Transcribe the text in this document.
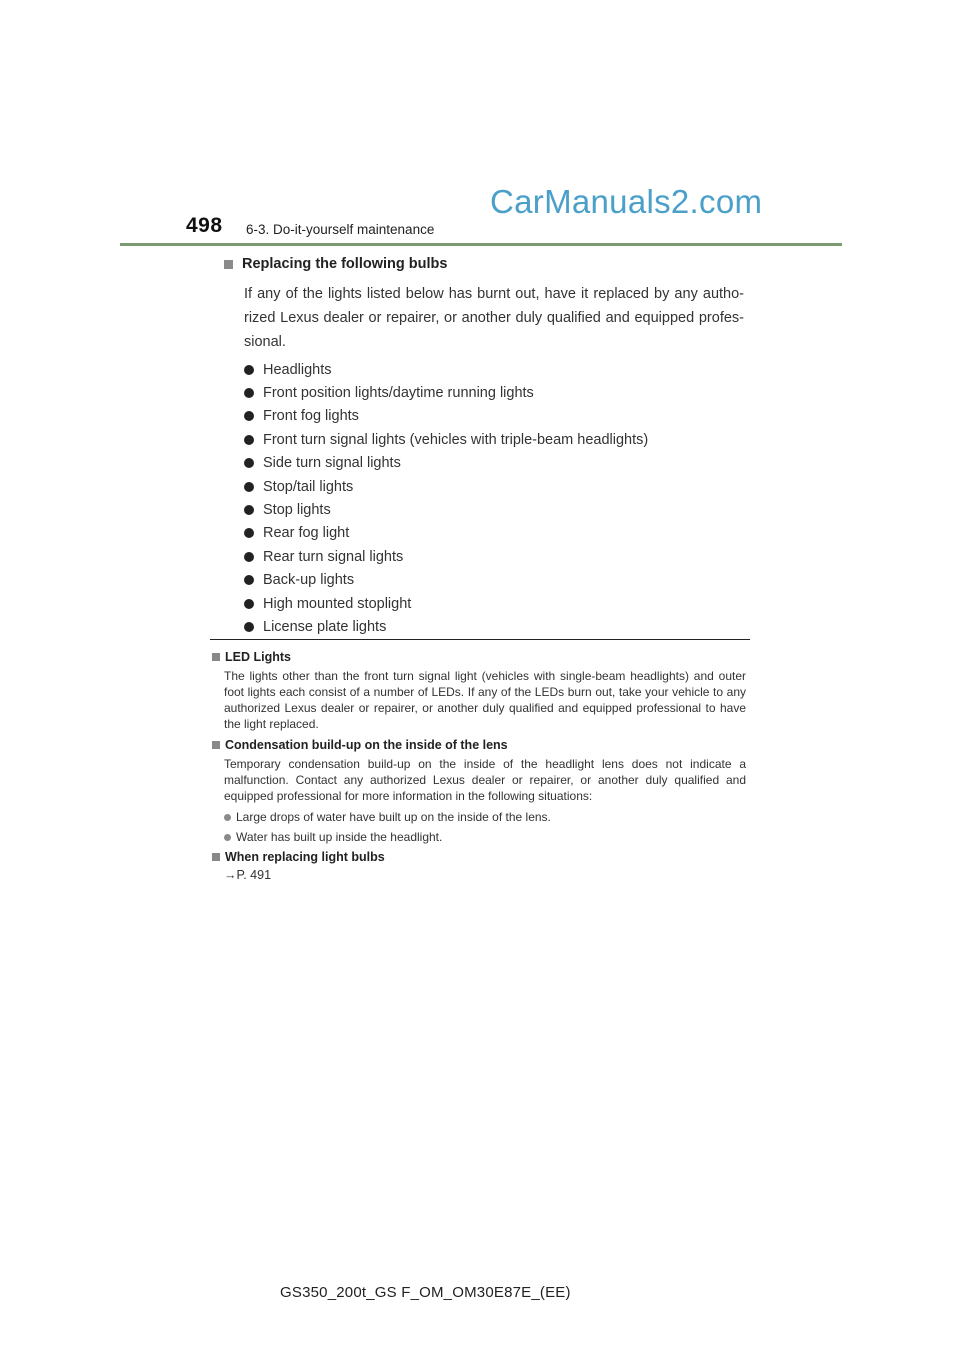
498 6-3. Do-it-yourself maintenance
CarManuals2.com
Replacing the following bulbs
If any of the lights listed below has burnt out, have it replaced by any autho-rized Lexus dealer or repairer, or another duly qualified and equipped profes-sional.
Headlights
Front position lights/daytime running lights
Front fog lights
Front turn signal lights (vehicles with triple-beam headlights)
Side turn signal lights
Stop/tail lights
Stop lights
Rear fog light
Rear turn signal lights
Back-up lights
High mounted stoplight
License plate lights
LED Lights
The lights other than the front turn signal light (vehicles with single-beam headlights) and outer foot lights each consist of a number of LEDs. If any of the LEDs burn out, take your vehicle to any authorized Lexus dealer or repairer, or another duly qualified and equipped professional to have the light replaced.
Condensation build-up on the inside of the lens
Temporary condensation build-up on the inside of the headlight lens does not indicate a malfunction. Contact any authorized Lexus dealer or repairer, or another duly qualified and equipped professional for more information in the following situations:
Large drops of water have built up on the inside of the lens.
Water has built up inside the headlight.
When replacing light bulbs
→P. 491
GS350_200t_GS F_OM_OM30E87E_(EE)
